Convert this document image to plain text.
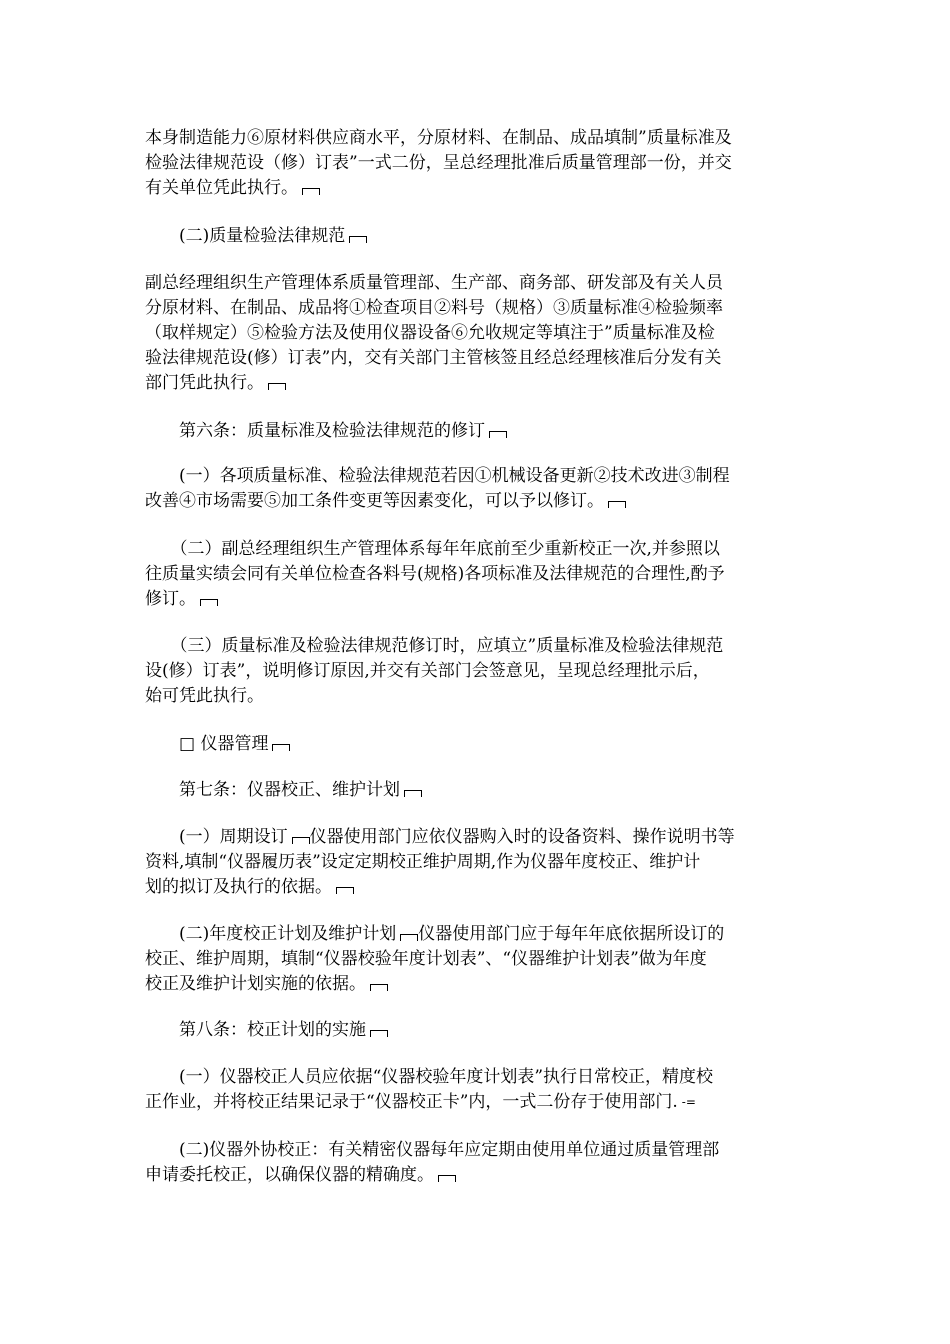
本身制造能力⑥原材料供应商水平，分原材料、在制品、成品填制”质量标准及
检验法律规范设（修）订表”一式二份，呈总经理批准后质量管理部一份，并交
有关单位凭此执行。

　　(二)质量检验法律规范

副总经理组织生产管理体系质量管理部、生产部、商务部、研发部及有关人员
分原材料、在制品、成品将①检查项目②料号（规格）③质量标准④检验频率
（取样规定）⑤检验方法及使用仪器设备⑥允收规定等填注于”质量标准及检
验法律规范设(修）订表”内，交有关部门主管核签且经总经理核准后分发有关
部门凭此执行。

　　第六条：质量标准及检验法律规范的修订

　　(一）各项质量标准、检验法律规范若因①机械设备更新②技术改进③制程
改善④市场需要⑤加工条件变更等因素变化，可以予以修订。

　　（二）副总经理组织生产管理体系每年年底前至少重新校正一次,并参照以
往质量实绩会同有关单位检查各料号(规格)各项标准及法律规范的合理性,酌予
修订。

　　（三）质量标准及检验法律规范修订时，应填立”质量标准及检验法律规范
设(修）订表”，说明修订原因,并交有关部门会签意见，呈现总经理批示后，
始可凭此执行。

　　□ 仪器管理

　　第七条：仪器校正、维护计划

　　(一）周期设订 仪器使用部门应依仪器购入时的设备资料、操作说明书等
资料,填制“仪器履历表”设定定期校正维护周期,作为仪器年度校正、维护计
划的拟订及执行的依据。

　　(二)年度校正计划及维护计划 仪器使用部门应于每年年底依据所设订的
校正、维护周期，填制“仪器校验年度计划表”、“仪器维护计划表”做为年度
校正及维护计划实施的依据。

　　第八条：校正计划的实施

　　(一）仪器校正人员应依据“仪器校验年度计划表”执行日常校正，精度校
正作业，并将校正结果记录于“仪器校正卡”内，一式二份存于使用部门. -=

　　(二)仪器外协校正：有关精密仪器每年应定期由使用单位通过质量管理部
申请委托校正，以确保仪器的精确度。
